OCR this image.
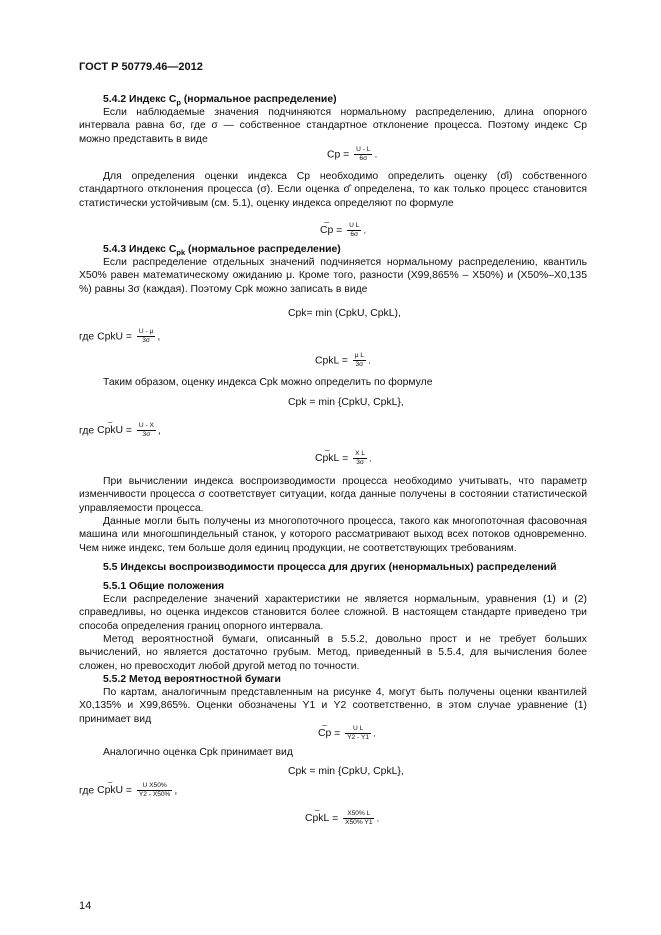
ГОСТ Р 50779.46—2012
5.4.2 Индекс $C_p$ (нормальное распределение)
Если наблюдаемые значения подчиняются нормальному распределению, длина опорного интервала равна 6σ, где σ — собственное стандартное отклонение процесса. Поэтому индекс Cp можно представить в виде
$Cp = \frac{U - L}{6\sigma}$ .
Для определения оценки индекса Cp необходимо определить оценку (σ̂i) собственного стандартного отклонения процесса (σ). Если оценка σ̂ определена, то как только процесс становится статистически устойчивым (см. 5.1), оценку индекса определяют по формуле
⌢ $Cp = \frac{\text{U L}}{6\sigma}$ .
5.4.3 Индекс $C_{pk}$ (нормальное распределение)
Если распределение отдельных значений подчиняется нормальному распределению, квантиль X50% равен математическому ожиданию μ. Кроме того, разности (X99,865% – X50%) и (X50%–X0,135 %) равны 3σ (каждая). Поэтому Cpk можно записать в виде
Cpk= min (CpkU, CpkL),
где CpkU = $\frac{U - \mu}{3\sigma}$ ,
CpkL = $\frac{\text{μ L}}{3\sigma}$ .
Таким образом, оценку индекса Cpk можно определить по формуле
Cpk = min {CpkU, CpkL},
где ⌢ CpkU = $\frac{U - X}{3\sigma}$ ,
⌢ CpkL = $\frac{\text{X L}}{3\sigma}$ .
При вычислении индекса воспроизводимости процесса необходимо учитывать, что параметр изменчивости процесса σ соответствует ситуации, когда данные получены в состоянии статистической управляемости процесса.
Данные могли быть получены из многопоточного процесса, такого как многопоточная фасовочная машина или многошпиндельный станок, у которого рассматривают выход всех потоков одновременно. Чем ниже индекс, тем больше доля единиц продукции, не соответствующих требованиям.
5.5 Индексы воспроизводимости процесса для других (ненормальных) распределений
5.5.1 Общие положения
Если распределение значений характеристики не является нормальным, уравнения (1) и (2) справедливы, но оценка индексов становится более сложной. В настоящем стандарте приведено три способа определения границ опорного интервала.
Метод вероятностной бумаги, описанный в 5.5.2, довольно прост и не требует больших вычислений, но является достаточно грубым. Метод, приведенный в 5.5.4, для вычисления более сложен, но превосходит любой другой метод по точности.
5.5.2 Метод вероятностной бумаги
По картам, аналогичным представленным на рисунке 4, могут быть получены оценки квантилей X0,135% и X99,865%. Оценки обозначены Y1 и Y2 соответственно, в этом случае уравнение (1) принимает вид
⌢ $Cp = \frac{\text{U L}}{Y2 - Y1}$ .
Аналогично оценка Cpk принимает вид
Cpk = min {CpkU, CpkL},
где ⌢ CpkU = $\frac{\text{U X50\%}}{Y2 - X50\%}$ ,
⌢ CpkL = $\frac{X50\% L}{X50\% Y1}$ .
14
